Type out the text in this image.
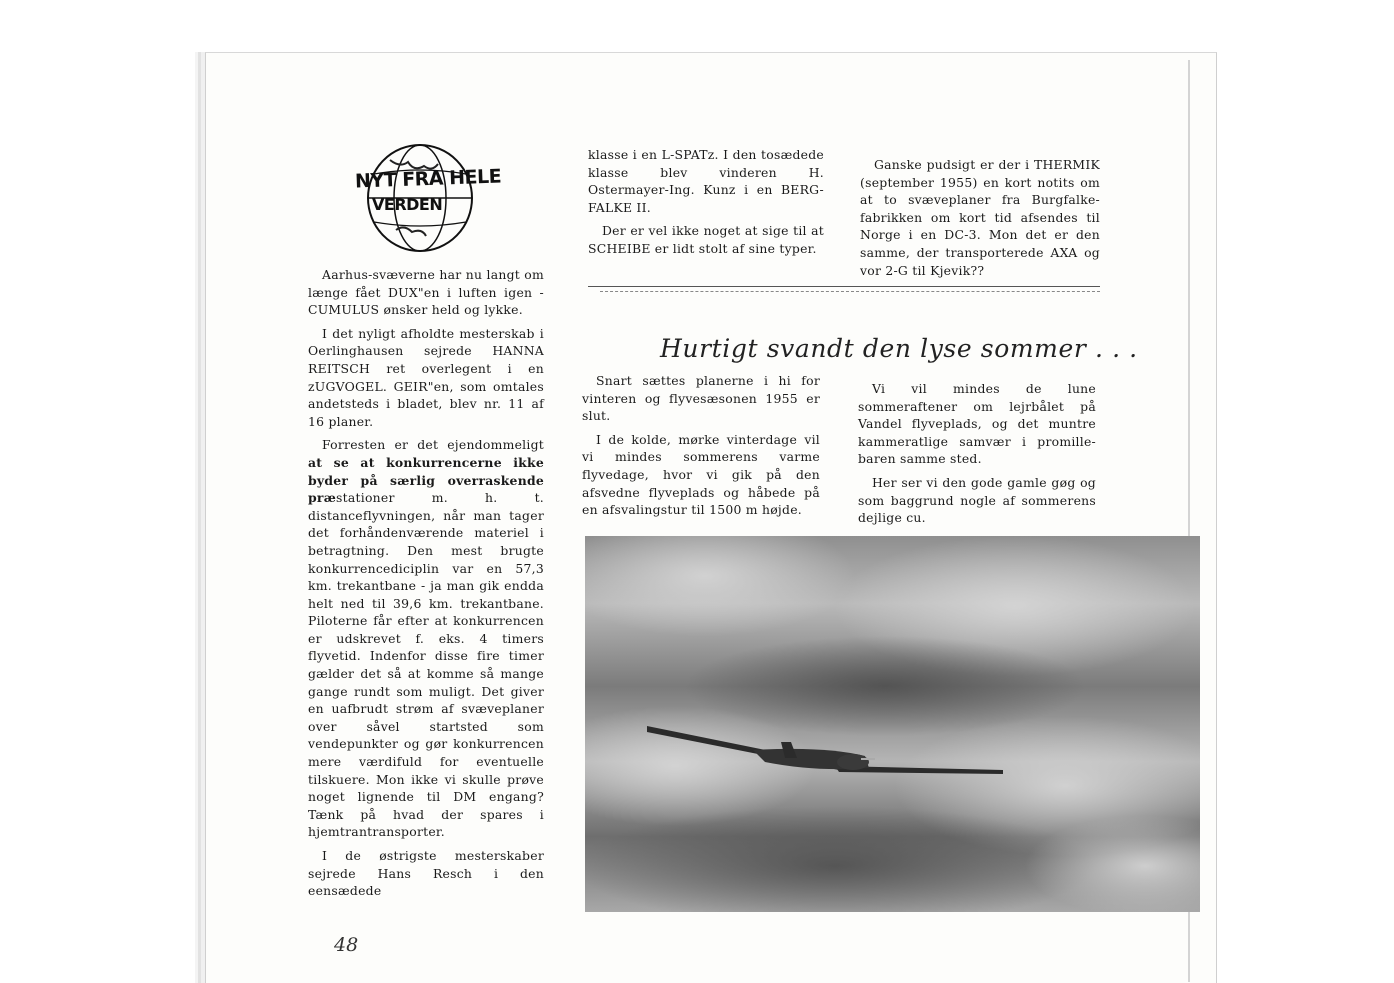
NYT FRA HELE
VERDEN

Aarhus-svæverne har nu langt om længe fået DUX"en i luften igen - CUMULUS ønsker held og lykke.

I det nyligt afholdte mesterskab i Oerlinghausen sejrede HANNA REITSCH ret overlegent i en zUGVOGEL. GEIR"en, som omtales andetsteds i bladet, blev nr. 11 af 16 planer.

Forresten er det ejendommeligt at se at konkurrencerne ikke byder på særlig overraskende præstationer m. h. t. distanceflyvningen, når man tager det forhåndenværende materiel i betragtning. Den mest brugte konkurrencediciplin var en 57,3 km. trekantbane - ja man gik endda helt ned til 39,6 km. trekantbane. Piloterne får efter at konkurrencen er udskrevet f. eks. 4 timers flyvetid. Indenfor disse fire timer gælder det så at komme så mange gange rundt som muligt. Det giver en uafbrudt strøm af svæveplaner over såvel startsted som vendepunkter og gør konkurrencen mere værdifuld for eventuelle tilskuere. Mon ikke vi skulle prøve noget lignende til DM engang? Tænk på hvad der spares i hjemtrantransporter.

I de østrigste mesterskaber sejrede Hans Resch i den eensædede

klasse i en L-SPATz. I den tosædede klasse blev vinderen H. Ostermayer-Ing. Kunz i en BERG-FALKE II.

Der er vel ikke noget at sige til at SCHEIBE er lidt stolt af sine typer.

Ganske pudsigt er der i THERMIK (september 1955) en kort notits om at to svæveplaner fra Burgfalke-fabrikken om kort tid afsendes til Norge i en DC-3. Mon det er den samme, der transporterede AXA og vor 2-G til Kjevik??

Hurtigt svandt den lyse sommer . . .

Snart sættes planerne i hi for vinteren og flyvesæsonen 1955 er slut.

I de kolde, mørke vinterdage vil vi mindes sommerens varme flyvedage, hvor vi gik på den afsvedne flyveplads og håbede på en afsvalingstur til 1500 m højde.

Vi vil mindes de lune sommeraftener om lejrbålet på Vandel flyveplads, og det muntre kammeratlige samvær i promille-baren samme sted.

Her ser vi den gode gamle gøg og som baggrund nogle af sommerens dejlige cu.

48
